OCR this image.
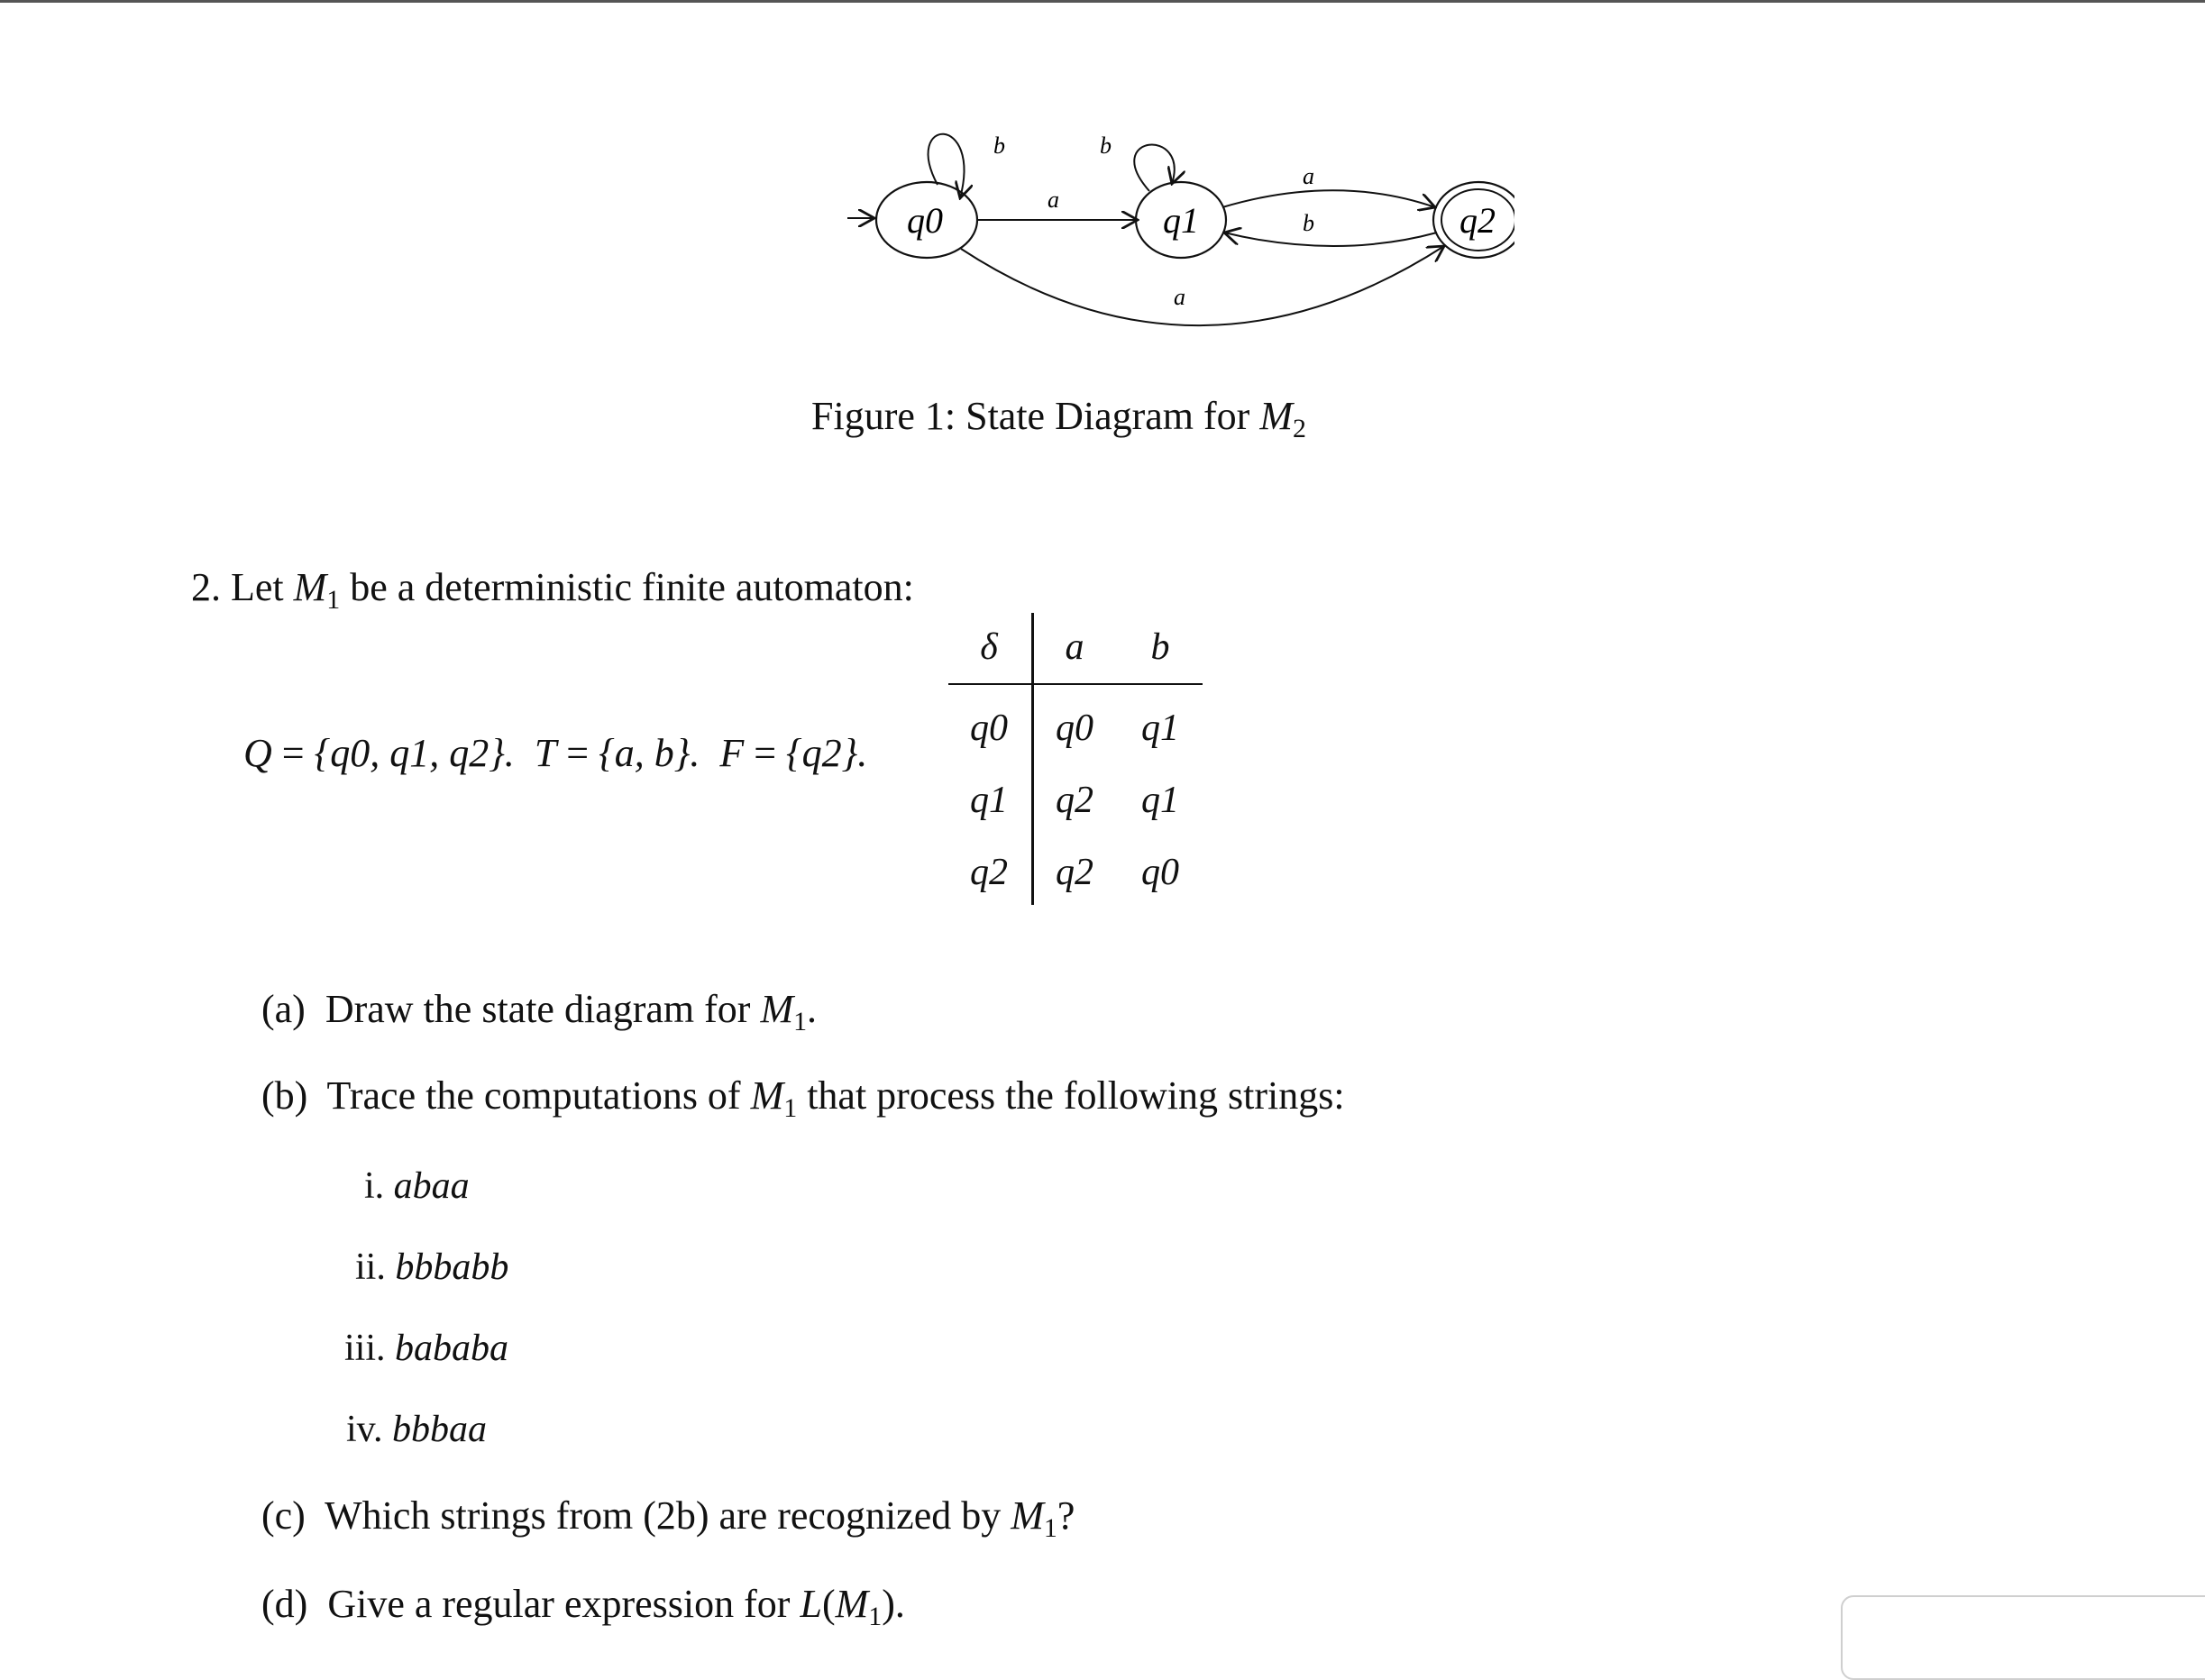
q0
b
a
q1
b
a
b	q2
a
Figure 1: State Diagram for $M_2$
2. Let $M_1$ be a deterministic finite automaton:
Q = {q0, q1, q2}. T = {a, b}. F = {q2}.
δ	a	b
q0	q0	q1
q1	q2	q1
q2	q2	q0
(a) Draw the state diagram for $M_1$.
(b) Trace the computations of $M_1$ that process the following strings:
i. abaa
ii. bbbabb
iii. bababa
iv. bbbaa
(c) Which strings from (2b) are recognized by $M_1$?
(d) Give a regular expression for $L(M_1)$.
